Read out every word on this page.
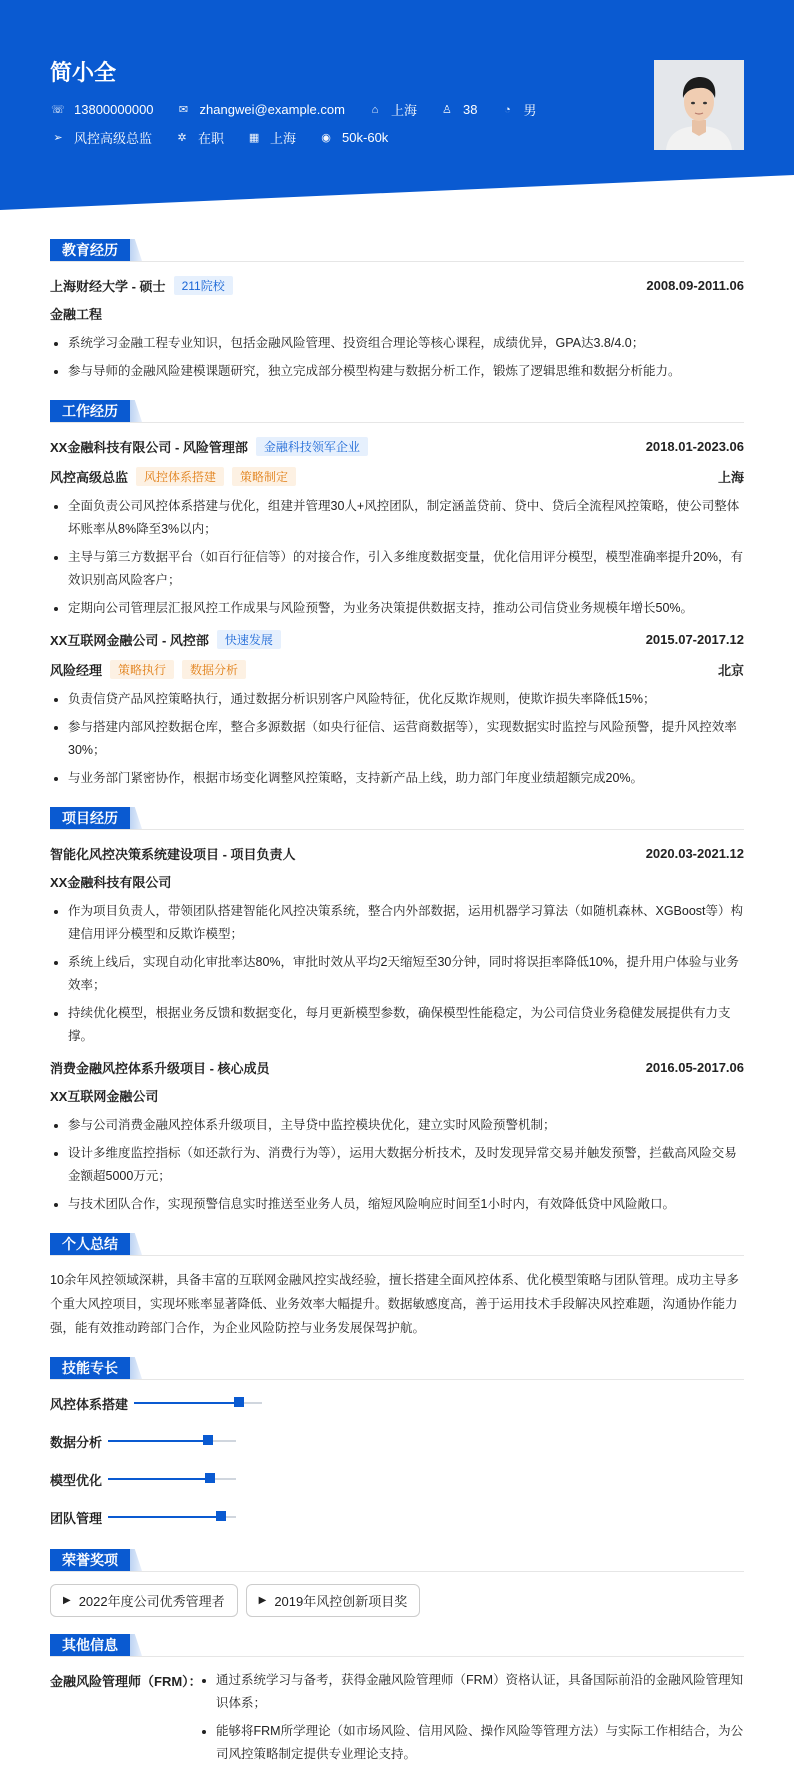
简小全
☏ 13800000000	✉ zhangwei@example.com	⌂ 上海 ♙ 38	◔ 男
➢ 风控高级总监	✲ 在职 ▦ 上海 ◉ 50k-60k
教育经历
上海财经大学 - 硕士	211院校	2008.09-2011.06
金融工程
系统学习金融工程专业知识，包括金融风险管理、投资组合理论等核心课程，成绩优异，GPA达3.8/4.0；
参与导师的金融风险建模课题研究，独立完成部分模型构建与数据分析工作，锻炼了逻辑思维和数据分析能力。
工作经历
XX金融科技有限公司 - 风险管理部	金融科技领军企业	2018.01-2023.06
风控高级总监	风控体系搭建	策略制定	上海
全面负责公司风控体系搭建与优化，组建并管理30人+风控团队，制定涵盖贷前、贷中、贷后全流程风控策略，使公司整体坏账率从8%降至3%以内；
主导与第三方数据平台（如百行征信等）的对接合作，引入多维度数据变量，优化信用评分模型，模型准确率提升20%，有效识别高风险客户；
定期向公司管理层汇报风控工作成果与风险预警，为业务决策提供数据支持，推动公司信贷业务规模年增长50%。
XX互联网金融公司 - 风控部	快速发展	2015.07-2017.12
风险经理	策略执行	数据分析	北京
负责信贷产品风控策略执行，通过数据分析识别客户风险特征，优化反欺诈规则，使欺诈损失率降低15%；
参与搭建内部风控数据仓库，整合多源数据（如央行征信、运营商数据等），实现数据实时监控与风险预警，提升风控效率30%；
与业务部门紧密协作，根据市场变化调整风控策略，支持新产品上线，助力部门年度业绩超额完成20%。
项目经历
智能化风控决策系统建设项目 - 项目负责人	2020.03-2021.12
XX金融科技有限公司
作为项目负责人，带领团队搭建智能化风控决策系统，整合内外部数据，运用机器学习算法（如随机森林、XGBoost等）构建信用评分模型和反欺诈模型；
系统上线后，实现自动化审批率达80%，审批时效从平均2天缩短至30分钟，同时将误拒率降低10%，提升用户体验与业务效率；
持续优化模型，根据业务反馈和数据变化，每月更新模型参数，确保模型性能稳定，为公司信贷业务稳健发展提供有力支撑。
消费金融风控体系升级项目 - 核心成员	2016.05-2017.06
XX互联网金融公司
参与公司消费金融风控体系升级项目，主导贷中监控模块优化，建立实时风险预警机制；
设计多维度监控指标（如还款行为、消费行为等），运用大数据分析技术，及时发现异常交易并触发预警，拦截高风险交易金额超5000万元；
与技术团队合作，实现预警信息实时推送至业务人员，缩短风险响应时间至1小时内，有效降低贷中风险敞口。
个人总结
10余年风控领域深耕，具备丰富的互联网金融风控实战经验，擅长搭建全面风控体系、优化模型策略与团队管理。成功主导多个重大风控项目，实现坏账率显著降低、业务效率大幅提升。数据敏感度高，善于运用技术手段解决风控难题，沟通协作能力强，能有效推动跨部门合作，为企业风险防控与业务发展保驾护航。
技能专长
风控体系搭建
数据分析
模型优化
团队管理
荣誉奖项
▶ 2022年度公司优秀管理者	▶ 2019年风控创新项目奖
其他信息
金融风险管理师（FRM）：	通过系统学习与备考，获得金融风险管理师（FRM）资格认证，具备国际前沿的金融风险管理知识体系；
能够将FRM所学理论（如市场风险、信用风险、操作风险等管理方法）与实际工作相结合，为公司风控策略制定提供专业理论支持。
